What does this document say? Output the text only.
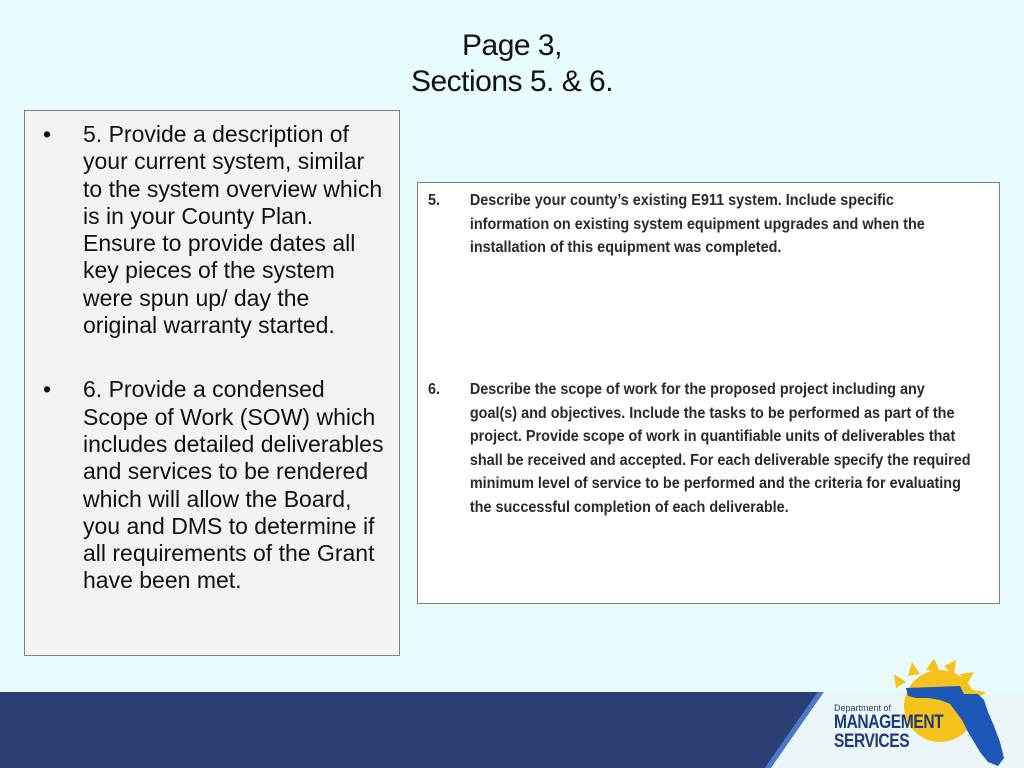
Page 3,
Sections 5. & 6.
• 5. Provide a description of your current system, similar to the system overview which is in your County Plan. Ensure to provide dates all key pieces of the system were spun up/ day the original warranty started.
• 6. Provide a condensed Scope of Work (SOW) which includes detailed deliverables and services to be rendered which will allow the Board, you and DMS to determine if all requirements of the Grant have been met.
5.	Describe your county’s existing E911 system. Include specific information on existing system equipment upgrades and when the installation of this equipment was completed.
6.	Describe the scope of work for the proposed project including any goal(s) and objectives. Include the tasks to be performed as part of the project. Provide scope of work in quantifiable units of deliverables that shall be received and accepted. For each deliverable specify the required minimum level of service to be performed and the criteria for evaluating the successful completion of each deliverable.
Department of
MANAGEMENT
SERVICES
